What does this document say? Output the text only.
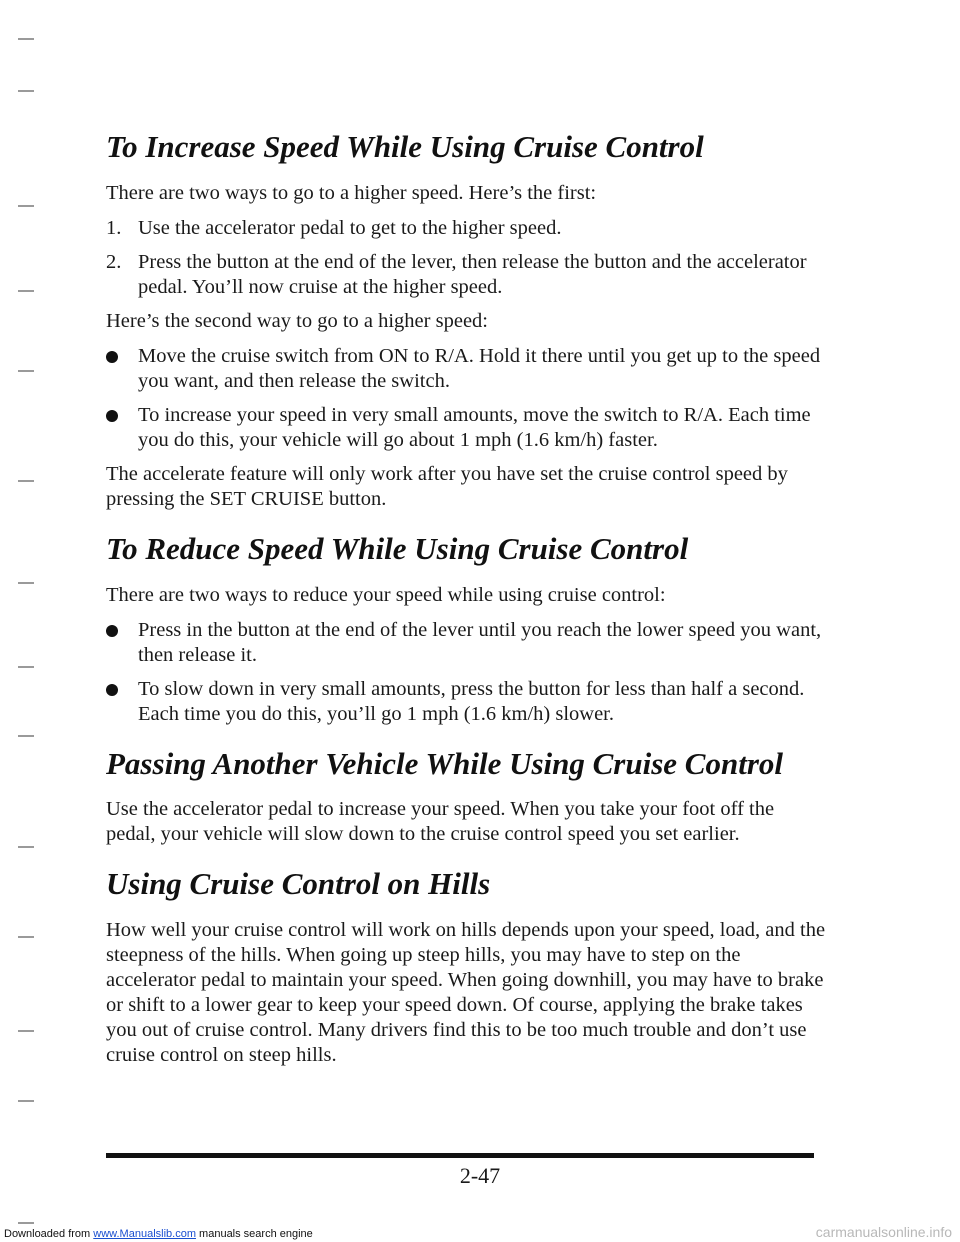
To Increase Speed While Using Cruise Control

There are two ways to go to a higher speed. Here’s the first:

1. Use the accelerator pedal to get to the higher speed.
2. Press the button at the end of the lever, then release the button and the accelerator pedal. You’ll now cruise at the higher speed.

Here’s the second way to go to a higher speed:

Move the cruise switch from ON to R/A. Hold it there until you get up to the speed you want, and then release the switch.
To increase your speed in very small amounts, move the switch to R/A. Each time you do this, your vehicle will go about 1 mph (1.6 km/h) faster.

The accelerate feature will only work after you have set the cruise control speed by pressing the SET CRUISE button.

To Reduce Speed While Using Cruise Control

There are two ways to reduce your speed while using cruise control:

Press in the button at the end of the lever until you reach the lower speed you want, then release it.
To slow down in very small amounts, press the button for less than half a second. Each time you do this, you’ll go 1 mph (1.6 km/h) slower.
Passing Another Vehicle While Using Cruise Control

Use the accelerator pedal to increase your speed. When you take your foot off the pedal, your vehicle will slow down to the cruise control speed you set earlier.

Using Cruise Control on Hills

How well your cruise control will work on hills depends upon your speed, load, and the steepness of the hills. When going up steep hills, you may have to step on the accelerator pedal to maintain your speed. When going downhill, you may have to brake or shift to a lower gear to keep your speed down. Of course, applying the brake takes you out of cruise control. Many drivers find this to be too much trouble and don’t use cruise control on steep hills.

2-47
Downloaded from www.Manualslib.com manuals search engine	carmanualsonline.info
